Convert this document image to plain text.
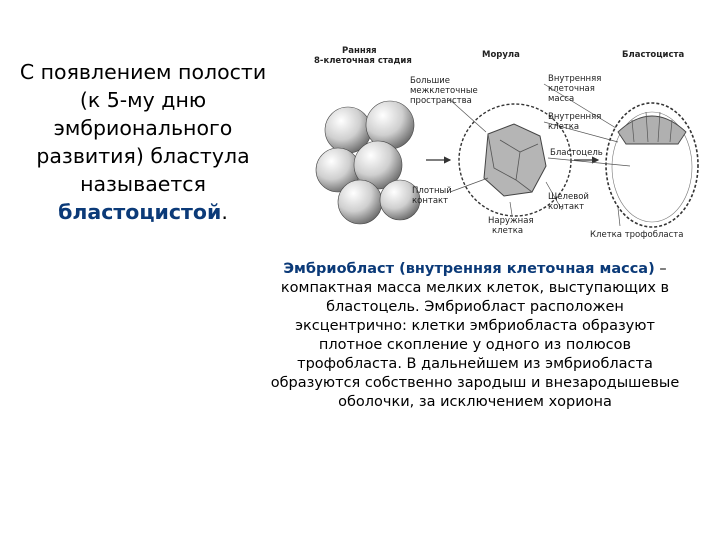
С появлением полости (к 5-му дню эмбрионального развития) бластула называется бластоцистой.
Ранняя
8-клеточная стадия
Морула	Бластоциста
Большие
межклеточные
пространства
Внутренняя
клеточная
масса
Внутренняя
клетка
Бластоцель
Плотный
контакт
Наружная
клетка
Щелевой
контакт
Клетка трофобласта
Эмбриобласт (внутренняя клеточная масса) – компактная масса мелких клеток, выступающих в бластоцель. Эмбриобласт расположен эксцентрично: клетки эмбриобласта образуют плотное скопление у одного из полюсов трофобласта. В дальнейшем из эмбриобласта образуются собственно зародыш и внезародышевые оболочки, за исключением хориона
